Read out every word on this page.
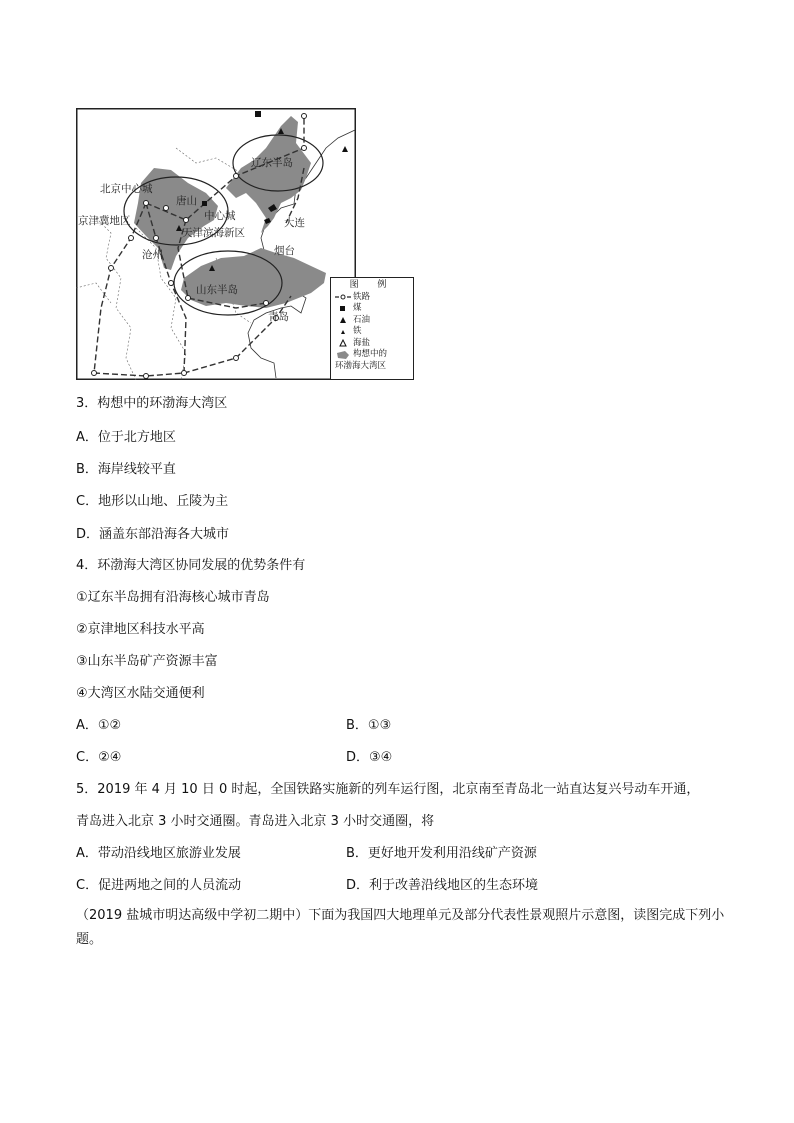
北京中心城
京津冀地区
唐山
中心城
天津滨海新区
沧州
辽东半岛
大连
烟台
山东半岛
青岛
图 例
铁路
煤
石油
铁
海盐
构想中的
环渤海大湾区
3．构想中的环渤海大湾区
A．位于北方地区
B．海岸线较平直
C．地形以山地、丘陵为主
D．涵盖东部沿海各大城市
4．环渤海大湾区协同发展的优势条件有
①辽东半岛拥有沿海核心城市青岛
②京津地区科技水平高
③山东半岛矿产资源丰富
④大湾区水陆交通便利
A．①②	B．①③
C．②④	D．③④
5．2019 年 4 月 10 日 0 时起，全国铁路实施新的列车运行图，北京南至青岛北一站直达复兴号动车开通，
青岛进入北京 3 小时交通圈。青岛进入北京 3 小时交通圈，将
A．带动沿线地区旅游业发展	B．更好地开发利用沿线矿产资源
C．促进两地之间的人员流动	D．利于改善沿线地区的生态环境
（2019 盐城市明达高级中学初二期中）下面为我国四大地理单元及部分代表性景观照片示意图，读图完成下列小题。
